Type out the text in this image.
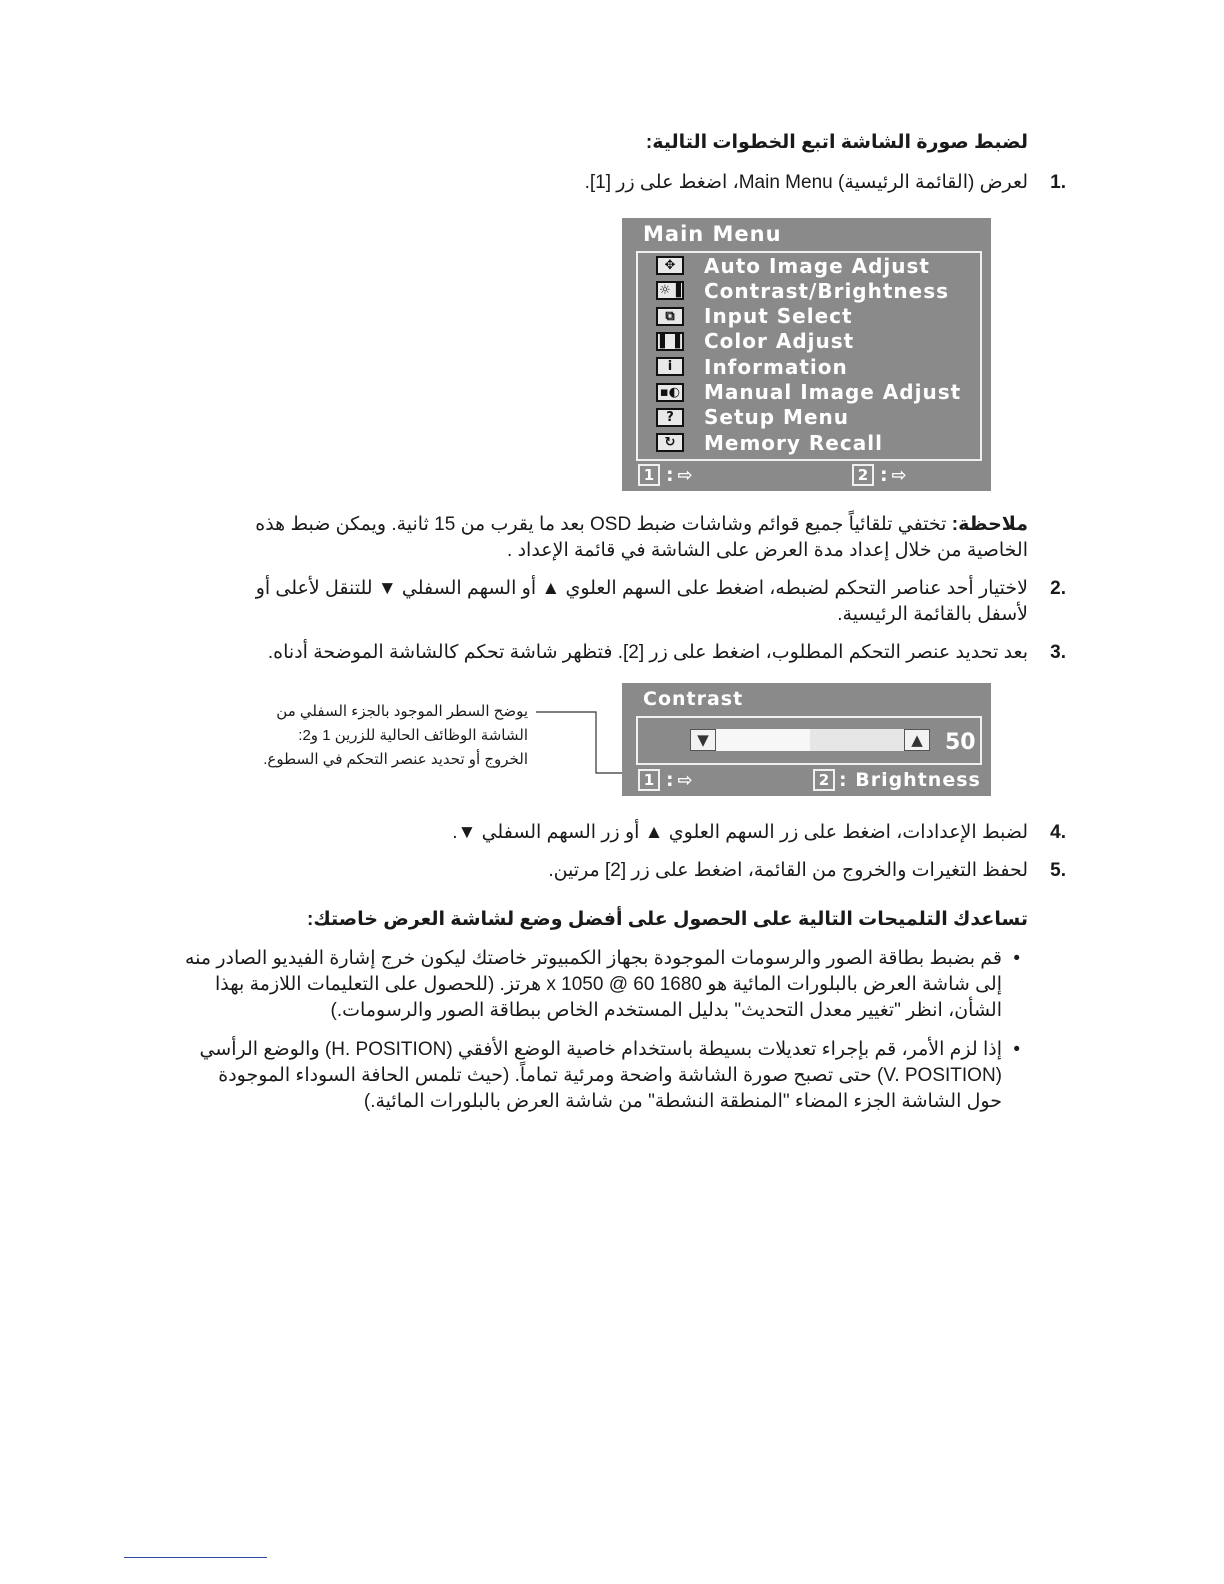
لضبط صورة الشاشة اتبع الخطوات التالية:
.1
لعرض (القائمة الرئيسية) Main Menu، اضغط على زر [1].
Main Menu
1 : ⇨	2 : ⇨
✥	Auto Image Adjust
☼▐ Contrast/Brightness
⧉	Input Select
▌▐ Color Adjust
i	Information
▪◐ Manual Image Adjust
?	Setup Menu
↻	Memory Recall
ملاحظة: تختفي تلقائياً جميع قوائم وشاشات ضبط OSD بعد ما يقرب من 15 ثانية. ويمكن ضبط هذه الخاصية من خلال إعداد مدة العرض على الشاشة في قائمة الإعداد .
.2
لاختيار أحد عناصر التحكم لضبطه، اضغط على السهم العلوي ▲ أو السهم السفلي ▼ للتنقل لأعلى أو لأسفل بالقائمة الرئيسية.
.3
بعد تحديد عنصر التحكم المطلوب، اضغط على زر [2]. فتظهر شاشة تحكم كالشاشة الموضحة أدناه.
يوضح السطر الموجود بالجزء السفلي من
الشاشة الوظائف الحالية للزرين 1 و2:
الخروج أو تحديد عنصر التحكم في السطوع.
Contrast
▼	▲	50
1 : ⇨	2 : Brightness
.4
لضبط الإعدادات، اضغط على زر السهم العلوي ▲ أو زر السهم السفلي ▼.
.5
لحفظ التغيرات والخروج من القائمة، اضغط على زر [2] مرتين.
تساعدك التلميحات التالية على الحصول على أفضل وضع لشاشة العرض خاصتك:
•
قم بضبط بطاقة الصور والرسومات الموجودة بجهاز الكمبيوتر خاصتك ليكون خرج إشارة الفيديو الصادر منه إلى شاشة العرض بالبلورات المائية هو 1680 x 1050 @ 60 هرتز. (للحصول على التعليمات اللازمة بهذا الشأن، انظر "تغيير معدل التحديث" بدليل المستخدم الخاص ببطاقة الصور والرسومات.)
•
إذا لزم الأمر، قم بإجراء تعديلات بسيطة باستخدام خاصية الوضع الأفقي (H. POSITION) والوضع الرأسي (V. POSITION) حتى تصبح صورة الشاشة واضحة ومرئية تماماً. (حيث تلمس الحافة السوداء الموجودة حول الشاشة الجزء المضاء "المنطقة النشطة" من شاشة العرض بالبلورات المائية.)
